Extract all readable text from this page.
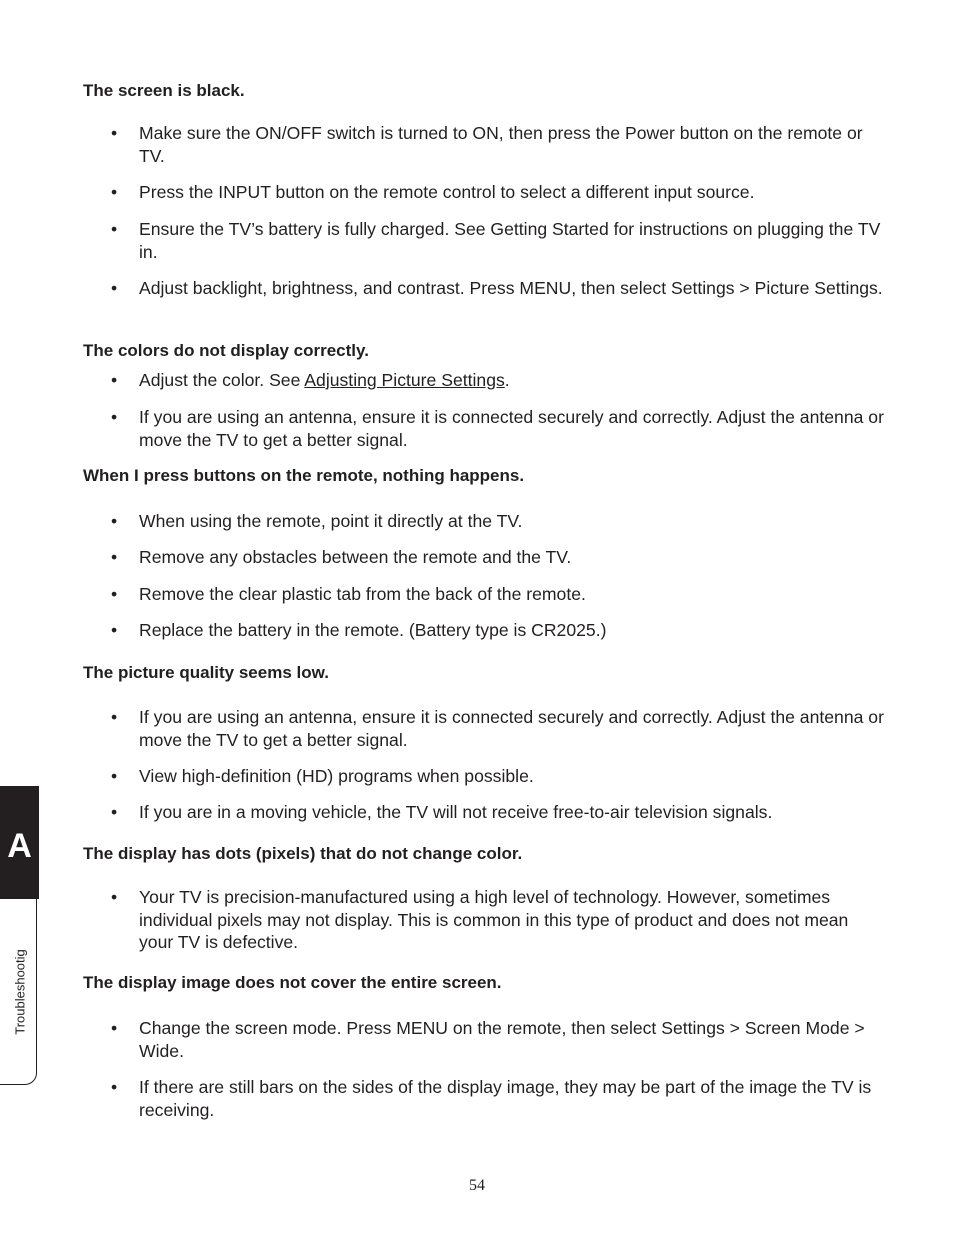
The screen is black.

• Make sure the ON/OFF switch is turned to ON, then press the Power button on the remote or TV.

• Press the INPUT button on the remote control to select a different input source.

• Ensure the TV’s battery is fully charged. See Getting Started for instructions on plugging the TV in.

• Adjust backlight, brightness, and contrast. Press MENU, then select Settings > Picture Settings.

The colors do not display correctly.

• Adjust the color. See Adjusting Picture Settings.

• If you are using an antenna, ensure it is connected securely and correctly. Adjust the antenna or move the TV to get a better signal.

When I press buttons on the remote, nothing happens.

• When using the remote, point it directly at the TV.

• Remove any obstacles between the remote and the TV.

• Remove the clear plastic tab from the back of the remote.

• Replace the battery in the remote. (Battery type is CR2025.)

The picture quality seems low.

• If you are using an antenna, ensure it is connected securely and correctly. Adjust the antenna or move the TV to get a better signal.

• View high-definition (HD) programs when possible.

• If you are in a moving vehicle, the TV will not receive free-to-air television signals.

The display has dots (pixels) that do not change color.

• Your TV is precision-manufactured using a high level of technology. However, sometimes individual pixels may not display. This is common in this type of product and does not mean your TV is defective.

The display image does not cover the entire screen.

• Change the screen mode. Press MENU on the remote, then select Settings > Screen Mode > Wide.

• If there are still bars on the sides of the display image, they may be part of the image the TV is receiving.

A
Troubleshootig
54
